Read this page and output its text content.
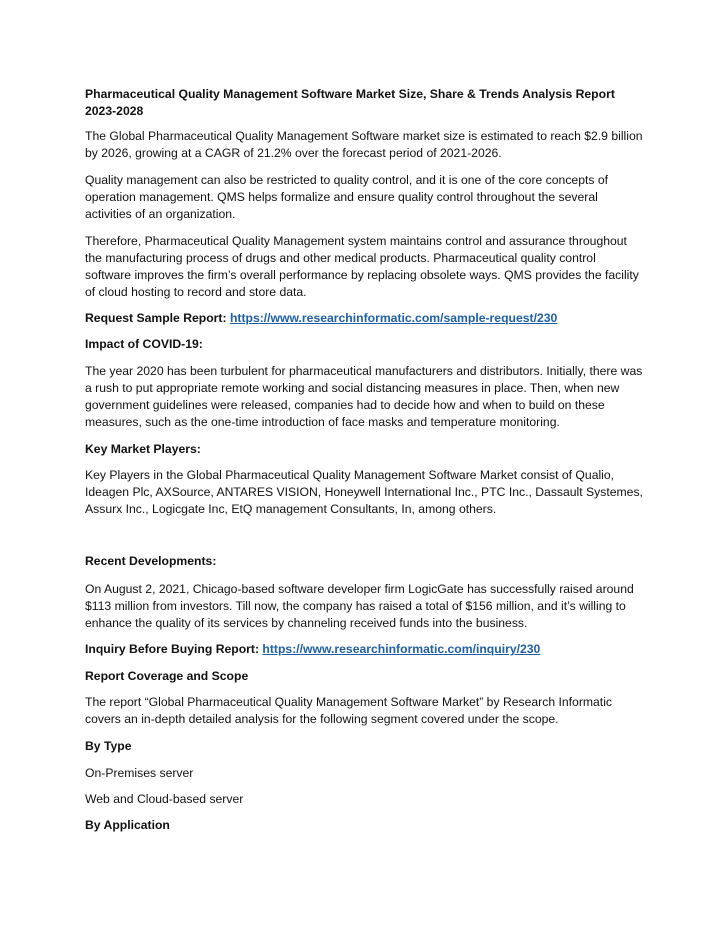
Pharmaceutical Quality Management Software Market Size, Share & Trends Analysis Report 2023-2028

The Global Pharmaceutical Quality Management Software market size is estimated to reach $2.9 billion by 2026, growing at a CAGR of 21.2% over the forecast period of 2021-2026.

Quality management can also be restricted to quality control, and it is one of the core concepts of operation management. QMS helps formalize and ensure quality control throughout the several activities of an organization.

Therefore, Pharmaceutical Quality Management system maintains control and assurance throughout the manufacturing process of drugs and other medical products. Pharmaceutical quality control software improves the firm’s overall performance by replacing obsolete ways. QMS provides the facility of cloud hosting to record and store data.

Request Sample Report: https://www.researchinformatic.com/sample-request/230

Impact of COVID-19:

The year 2020 has been turbulent for pharmaceutical manufacturers and distributors. Initially, there was a rush to put appropriate remote working and social distancing measures in place. Then, when new government guidelines were released, companies had to decide how and when to build on these measures, such as the one-time introduction of face masks and temperature monitoring.

Key Market Players:

Key Players in the Global Pharmaceutical Quality Management Software Market consist of Qualio, Ideagen Plc, AXSource, ANTARES VISION, Honeywell International Inc., PTC Inc., Dassault Systemes, Assurx Inc., Logicgate Inc, EtQ management Consultants, In, among others.

Recent Developments:

On August 2, 2021, Chicago-based software developer firm LogicGate has successfully raised around $113 million from investors. Till now, the company has raised a total of $156 million, and it’s willing to enhance the quality of its services by channeling received funds into the business.

Inquiry Before Buying Report: https://www.researchinformatic.com/inquiry/230

Report Coverage and Scope

The report “Global Pharmaceutical Quality Management Software Market” by Research Informatic covers an in-depth detailed analysis for the following segment covered under the scope.

By Type

On-Premises server

Web and Cloud-based server

By Application
